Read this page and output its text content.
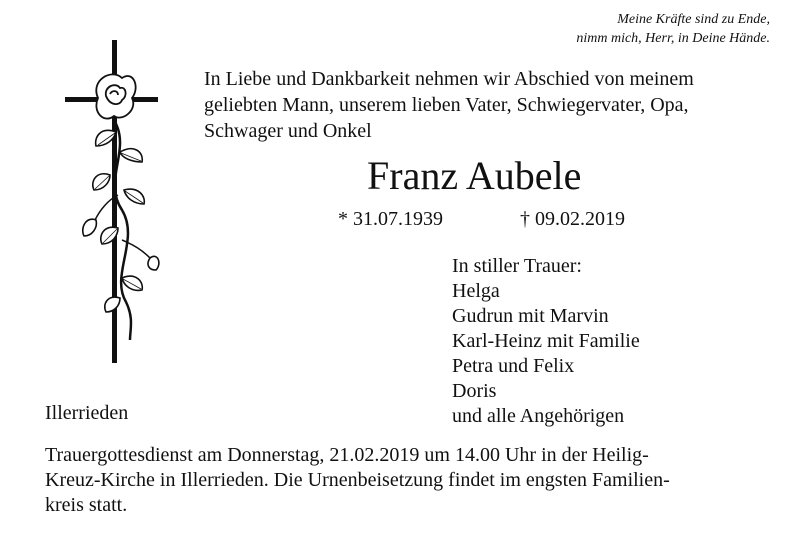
Meine Kräfte sind zu Ende,
nimm mich, Herr, in Deine Hände.
In Liebe und Dankbarkeit nehmen wir Abschied von meinem
geliebten Mann, unserem lieben Vater, Schwiegervater, Opa,
Schwager und Onkel
Franz Aubele
* 31.07.1939	† 09.02.2019
In stiller Trauer:
Helga
Gudrun mit Marvin
Karl-Heinz mit Familie
Petra und Felix
Doris
und alle Angehörigen
Illerrieden
Trauergottesdienst am Donnerstag, 21.02.2019 um 14.00 Uhr in der Heilig-
Kreuz-Kirche in Illerrieden. Die Urnenbeisetzung findet im engsten Familien-
kreis statt.
